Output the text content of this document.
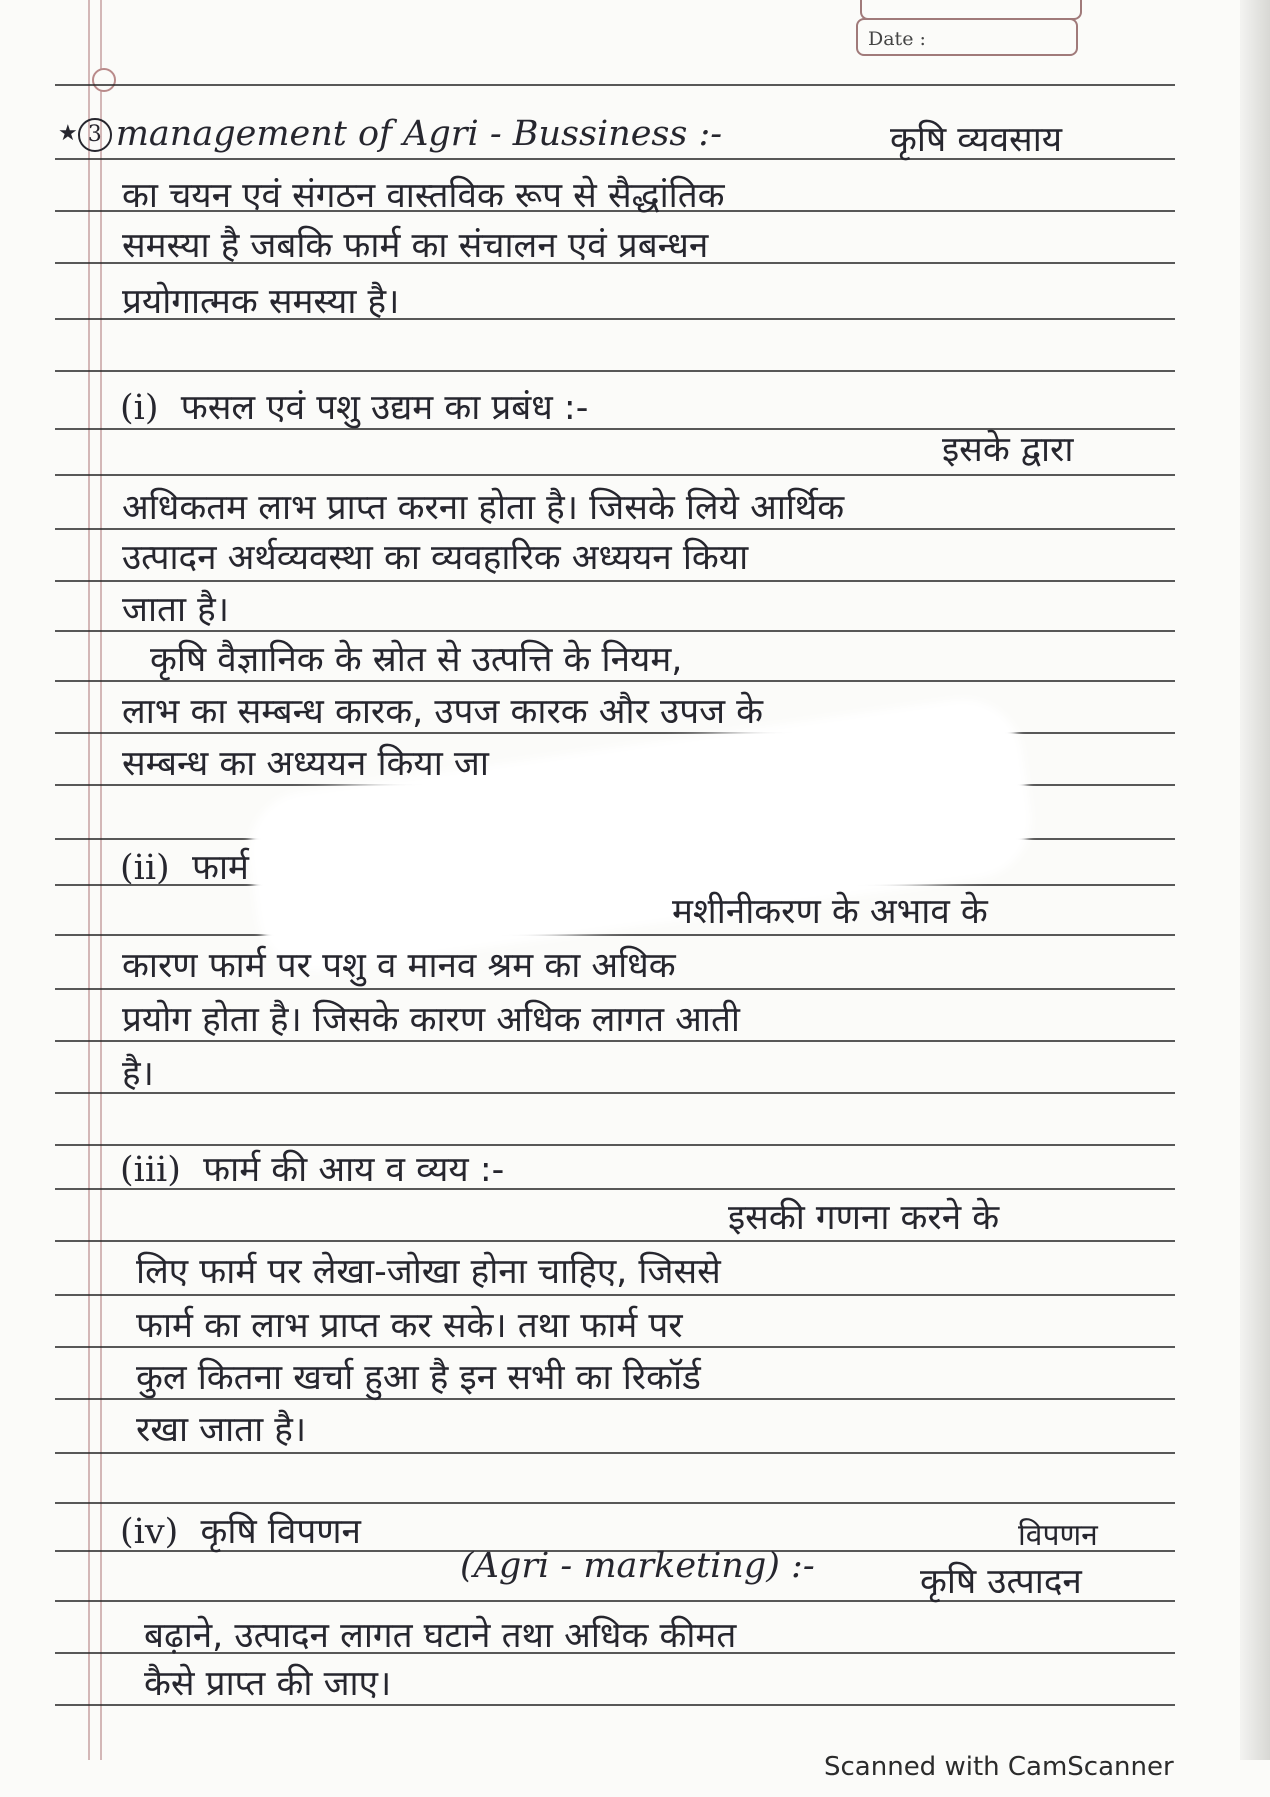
Date :
★ 3 management of Agri - Bussiness :-	कृषि व्यवसाय
का चयन एवं संगठन वास्तविक रूप से सैद्धांतिक
समस्या है जबकि फार्म का संचालन एवं प्रबन्धन
प्रयोगात्मक समस्या है।
(i) फसल एवं पशु उद्यम का प्रबंध :-
इसके द्वारा
अधिकतम लाभ प्राप्त करना होता है। जिसके लिये आर्थिक
उत्पादन अर्थव्यवस्था का व्यवहारिक अध्ययन किया
जाता है।
कृषि वैज्ञानिक के स्रोत से उत्पत्ति के नियम,
लाभ का सम्बन्ध कारक, उपज कारक और उपज के
सम्बन्ध का अध्ययन किया जा
(ii) फार्म
मशीनीकरण के अभाव के
कारण फार्म पर पशु व मानव श्रम का अधिक
प्रयोग होता है। जिसके कारण अधिक लागत आती
है।
(iii) फार्म की आय व व्यय :-
इसकी गणना करने के
लिए फार्म पर लेखा-जोखा होना चाहिए, जिससे
फार्म का लाभ प्राप्त कर सके। तथा फार्म पर
कुल कितना खर्चा हुआ है इन सभी का रिकॉर्ड
रखा जाता है।
(iv) कृषि विपणन
(Agri - marketing) :-
विपणन
कृषि उत्पादन
बढ़ाने, उत्पादन लागत घटाने तथा अधिक कीमत
कैसे प्राप्त की जाए।
Scanned with CamScanner
